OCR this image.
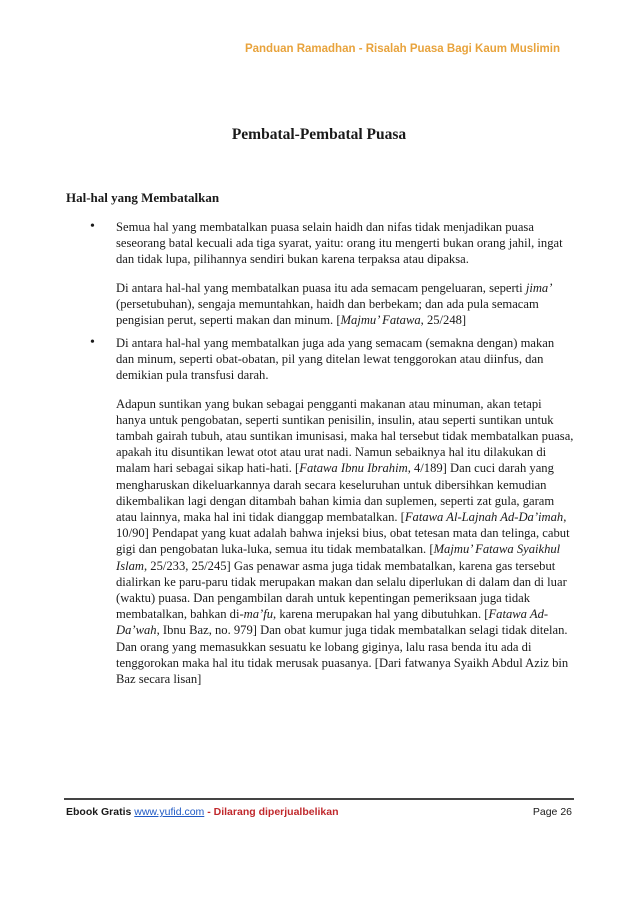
Panduan Ramadhan - Risalah Puasa Bagi Kaum Muslimin
Pembatal-Pembatal Puasa
Hal-hal yang Membatalkan
• Semua hal yang membatalkan puasa selain haidh dan nifas tidak menjadikan puasa seseorang batal kecuali ada tiga syarat, yaitu: orang itu mengerti bukan orang jahil, ingat dan tidak lupa, pilihannya sendiri bukan karena terpaksa atau dipaksa.

Di antara hal-hal yang membatalkan puasa itu ada semacam pengeluaran, seperti jima’ (persetubuhan), sengaja memuntahkan, haidh dan berbekam; dan ada pula semacam pengisian perut, seperti makan dan minum. [Majmu’ Fatawa, 25/248]

• Di antara hal-hal yang membatalkan juga ada yang semacam (semakna dengan) makan dan minum, seperti obat-obatan, pil yang ditelan lewat tenggorokan atau diinfus, dan demikian pula transfusi darah.

Adapun suntikan yang bukan sebagai pengganti makanan atau minuman, akan tetapi hanya untuk pengobatan, seperti suntikan penisilin, insulin, atau seperti suntikan untuk tambah gairah tubuh, atau suntikan imunisasi, maka hal tersebut tidak membatalkan puasa, apakah itu disuntikan lewat otot atau urat nadi. Namun sebaiknya hal itu dilakukan di malam hari sebagai sikap hati-hati. [Fatawa Ibnu Ibrahim, 4/189] Dan cuci darah yang mengharuskan dikeluarkannya darah secara keseluruhan untuk dibersihkan kemudian dikembalikan lagi dengan ditambah bahan kimia dan suplemen, seperti zat gula, garam atau lainnya, maka hal ini tidak dianggap membatalkan. [Fatawa Al-Lajnah Ad-Da’imah, 10/90] Pendapat yang kuat adalah bahwa injeksi bius, obat tetesan mata dan telinga, cabut gigi dan pengobatan luka-luka, semua itu tidak membatalkan. [Majmu’ Fatawa Syaikhul Islam, 25/233, 25/245] Gas penawar asma juga tidak membatalkan, karena gas tersebut dialirkan ke paru-paru tidak merupakan makan dan selalu diperlukan di dalam dan di luar (waktu) puasa. Dan pengambilan darah untuk kepentingan pemeriksaan juga tidak membatalkan, bahkan di-ma’fu, karena merupakan hal yang dibutuhkan. [Fatawa Ad-Da’wah, Ibnu Baz, no. 979] Dan obat kumur juga tidak membatalkan selagi tidak ditelan. Dan orang yang memasukkan sesuatu ke lobang giginya, lalu rasa benda itu ada di tenggorokan maka hal itu tidak merusak puasanya. [Dari fatwanya Syaikh Abdul Aziz bin Baz secara lisan]

Ebook Gratis www.yufid.com - Dilarang diperjualbelikan	Page 26
